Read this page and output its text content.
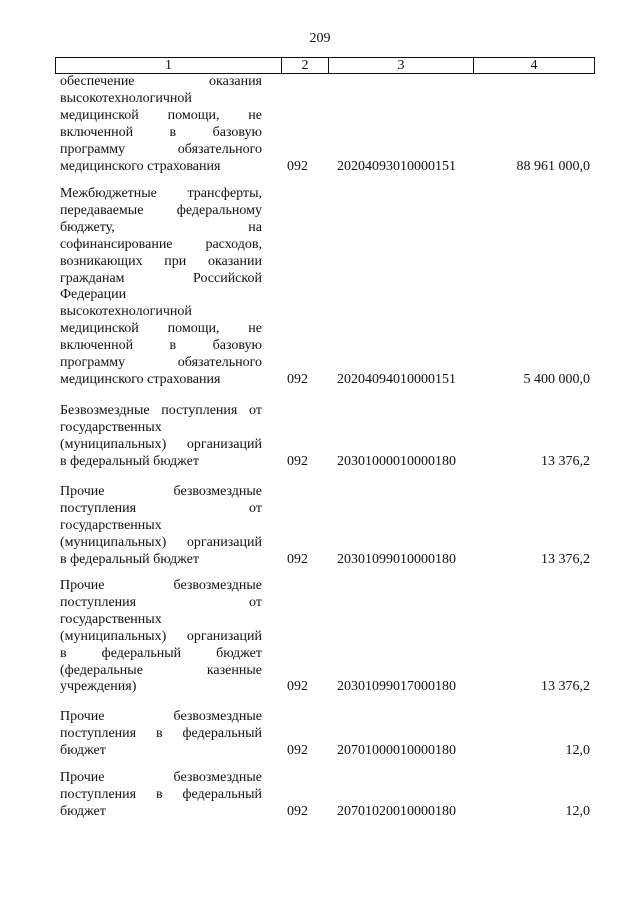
209
1	2	3	4
обеспечение оказания
высокотехнологичной
медицинской помощи, не
включенной в базовую
программу обязательного
медицинского страхования	092 20204093010000151	88 961 000,0
Межбюджетные трансферты,
передаваемые федеральному
бюджету, на
софинансирование расходов,
возникающих при оказании
гражданам Российской
Федерации
высокотехнологичной
медицинской помощи, не
включенной в базовую
программу обязательного
медицинского страхования	092 20204094010000151	5 400 000,0
Безвозмездные поступления от
государственных
(муниципальных) организаций
в федеральный бюджет	092 20301000010000180	13 376,2
Прочие безвозмездные
поступления от
государственных
(муниципальных) организаций
в федеральный бюджет	092 20301099010000180	13 376,2
Прочие безвозмездные
поступления от
государственных
(муниципальных) организаций
в федеральный бюджет
(федеральные казенные
учреждения)	092 20301099017000180	13 376,2
Прочие безвозмездные
поступления в федеральный
бюджет	092 20701000010000180	12,0
Прочие безвозмездные
поступления в федеральный
бюджет	092 20701020010000180	12,0
